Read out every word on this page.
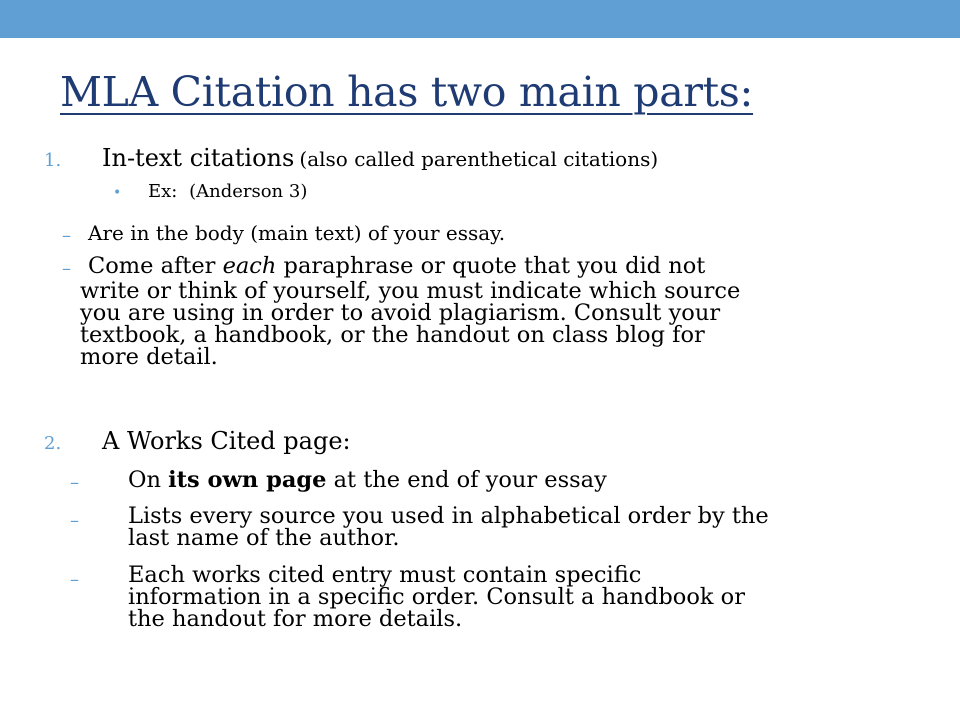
MLA Citation has two main parts:
1. In-text citations (also called parenthetical citations)
• Ex: (Anderson 3)
– Are in the body (main text) of your essay.
– Come after each paraphrase or quote that you did not
write or think of yourself, you must indicate which source
you are using in order to avoid plagiarism. Consult your
textbook, a handbook, or the handout on class blog for
more detail.
2. A Works Cited page:
– On its own page at the end of your essay
– Lists every source you used in alphabetical order by the
last name of the author.
– Each works cited entry must contain specific
information in a specific order. Consult a handbook or
the handout for more details.
